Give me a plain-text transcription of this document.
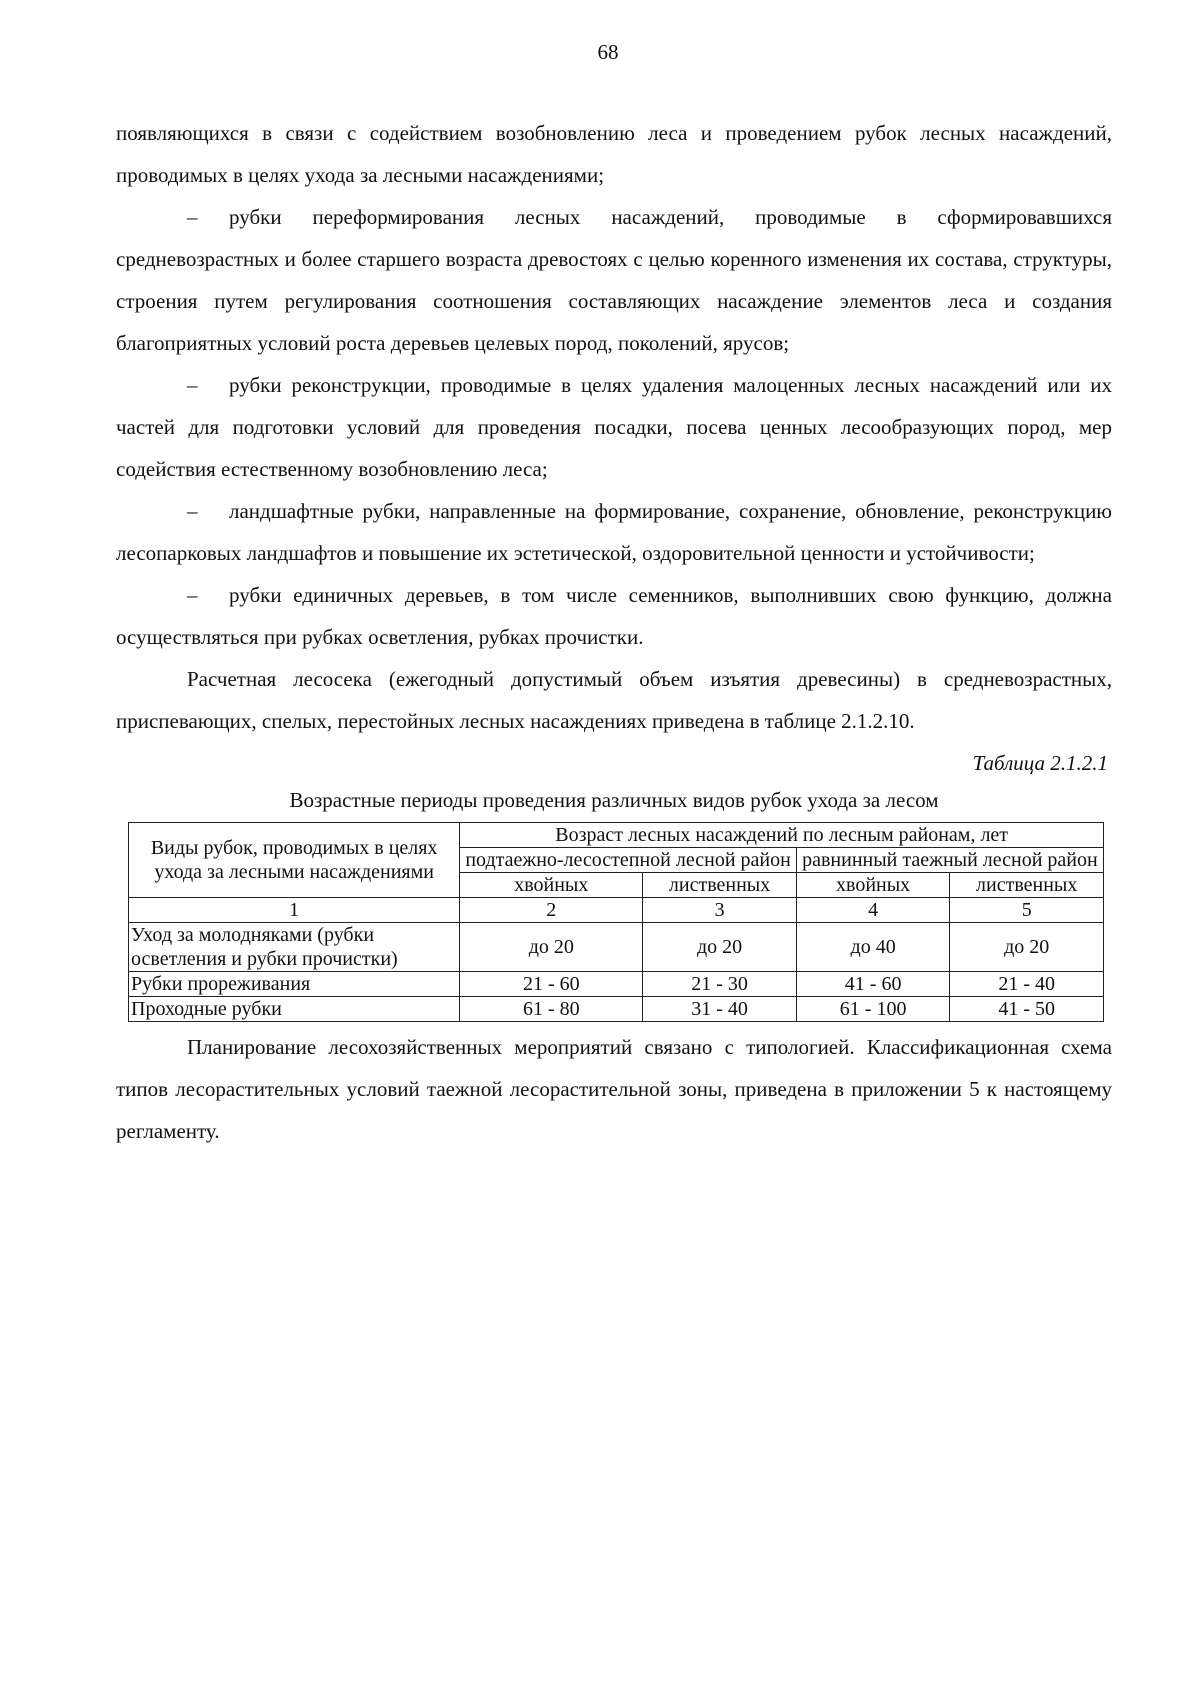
68

появляющихся в связи с содействием возобновлению леса и проведением рубок лесных насаждений, проводимых в целях ухода за лесными насаждениями;

– рубки переформирования лесных насаждений, проводимые в сформировавшихся средневозрастных и более старшего возраста древостоях с целью коренного изменения их состава, структуры, строения путем регулирования соотношения составляющих насаждение элементов леса и создания благоприятных условий роста деревьев целевых пород, поколений, ярусов;

– рубки реконструкции, проводимые в целях удаления малоценных лесных насаждений или их частей для подготовки условий для проведения посадки, посева ценных лесообразующих пород, мер содействия естественному возобновлению леса;

– ландшафтные рубки, направленные на формирование, сохранение, обновление, реконструкцию лесопарковых ландшафтов и повышение их эстетической, оздоровительной ценности и устойчивости;

– рубки единичных деревьев, в том числе семенников, выполнивших свою функцию, должна осуществляться при рубках осветления, рубках прочистки.

Расчетная лесосека (ежегодный допустимый объем изъятия древесины) в средневозрастных, приспевающих, спелых, перестойных лесных насаждениях приведена в таблице 2.1.2.10.

Таблица 2.1.2.1

Возрастные периоды проведения различных видов рубок ухода за лесом

Виды рубок, проводимых в целях ухода за лесными насаждениями	Возраст лесных насаждений по лесным районам, лет			
	подтаежно-лесостепной лесной район		равнинный таежный лесной район	
	хвойных	лиственных	хвойных	лиственных
1	2	3	4	5
Уход за молодняками (рубки осветления и рубки прочистки)	до 20	до 20	до 40	до 20
Рубки прореживания	21 - 60	21 - 30	41 - 60	21 - 40
Проходные рубки	61 - 80	31 - 40	61 - 100	41 - 50

Планирование лесохозяйственных мероприятий связано с типологией. Классификационная схема типов лесорастительных условий таежной лесорастительной зоны, приведена в приложении 5 к настоящему регламенту.
